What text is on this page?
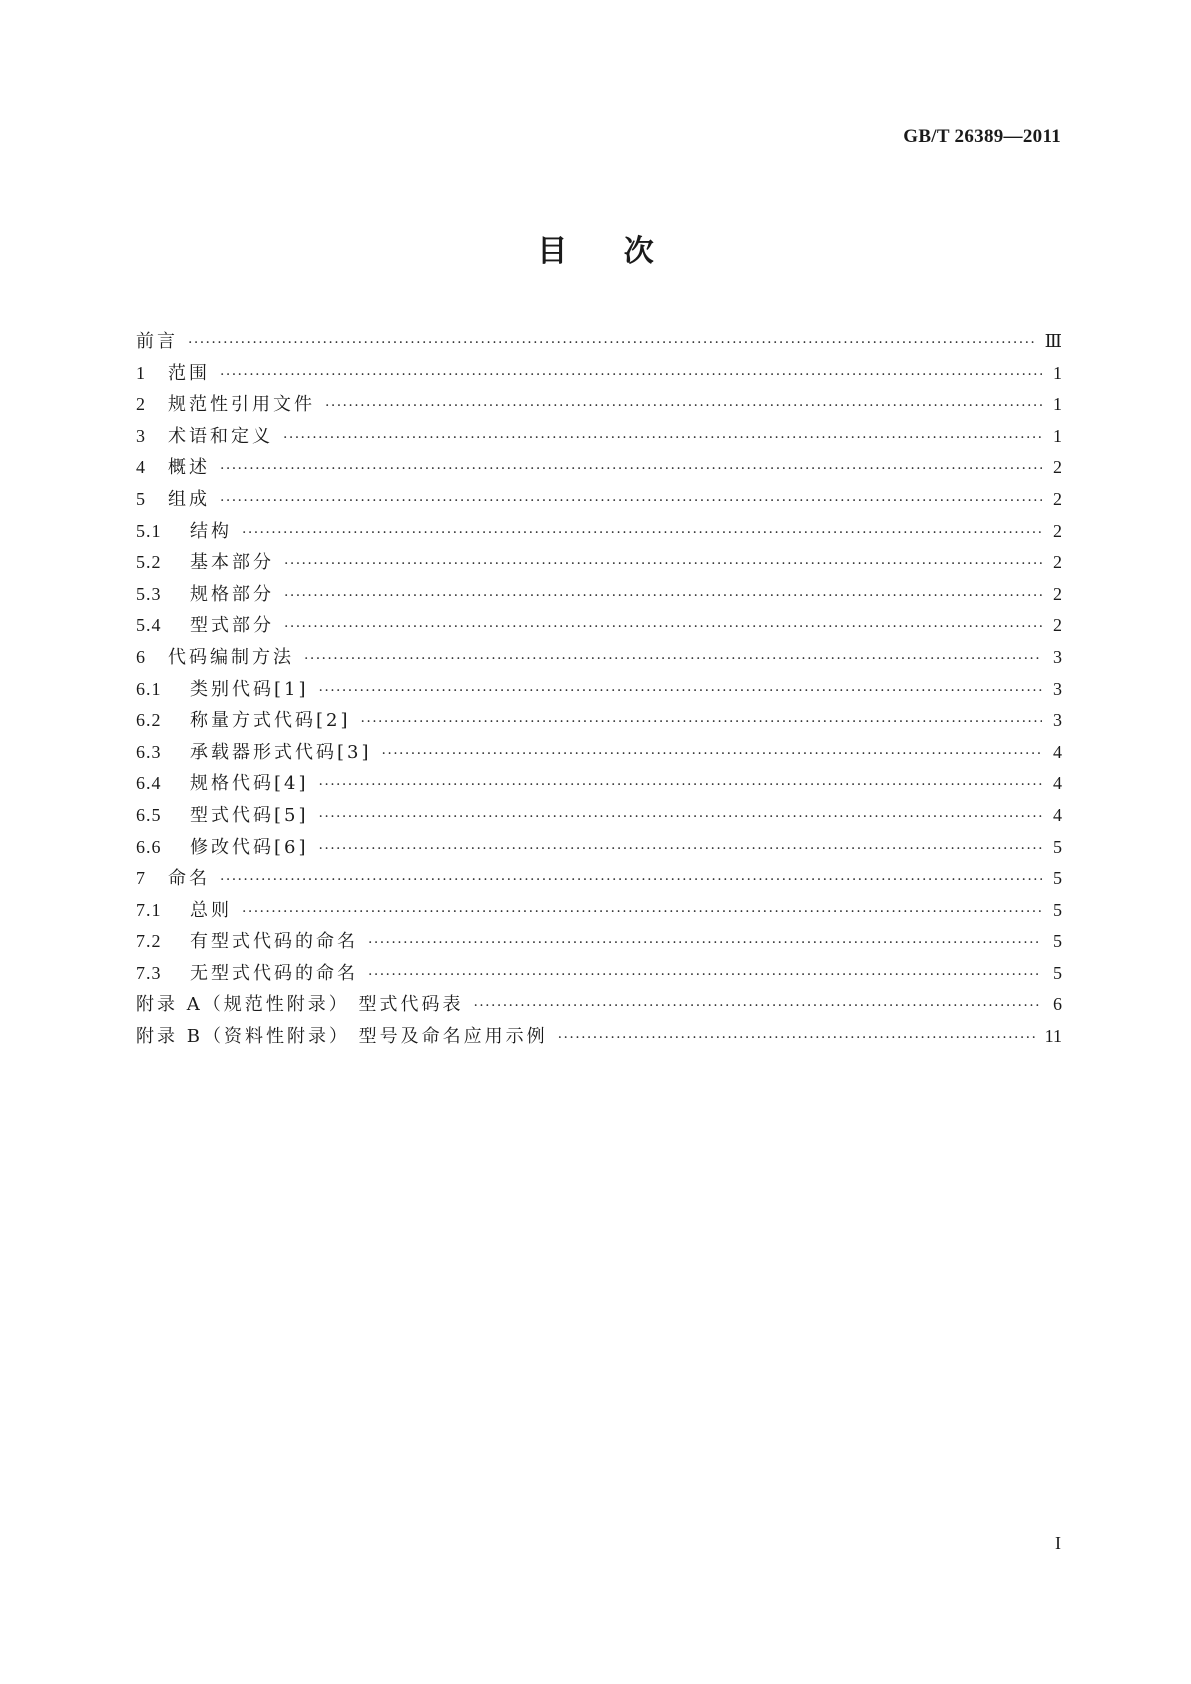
GB/T 26389—2011
目 次
前言 ·····	Ⅲ
1	范围 ·····	1
2	规范性引用文件 ·····	1
3	术语和定义 ·····	1
4	概述 ·····	2
5	组成 ·····	2
5.1	结构 ·····	2
5.2	基本部分 ·····	2
5.3	规格部分 ·····	2
5.4	型式部分 ·····	2
6	代码编制方法 ·····	3
6.1	类别代码[1] ·····	3
6.2	称量方式代码[2] ·····	3
6.3	承载器形式代码[3] ·····	4
6.4	规格代码[4] ·····	4
6.5	型式代码[5] ·····	4
6.6	修改代码[6] ·····	5
7	命名 ·····	5
7.1	总则 ·····	5
7.2	有型式代码的命名 ·····	5
7.3	无型式代码的命名 ·····	5
附录 A（规范性附录） 型式代码表 ·····	6
附录 B（资料性附录） 型号及命名应用示例 ·····	11
I
